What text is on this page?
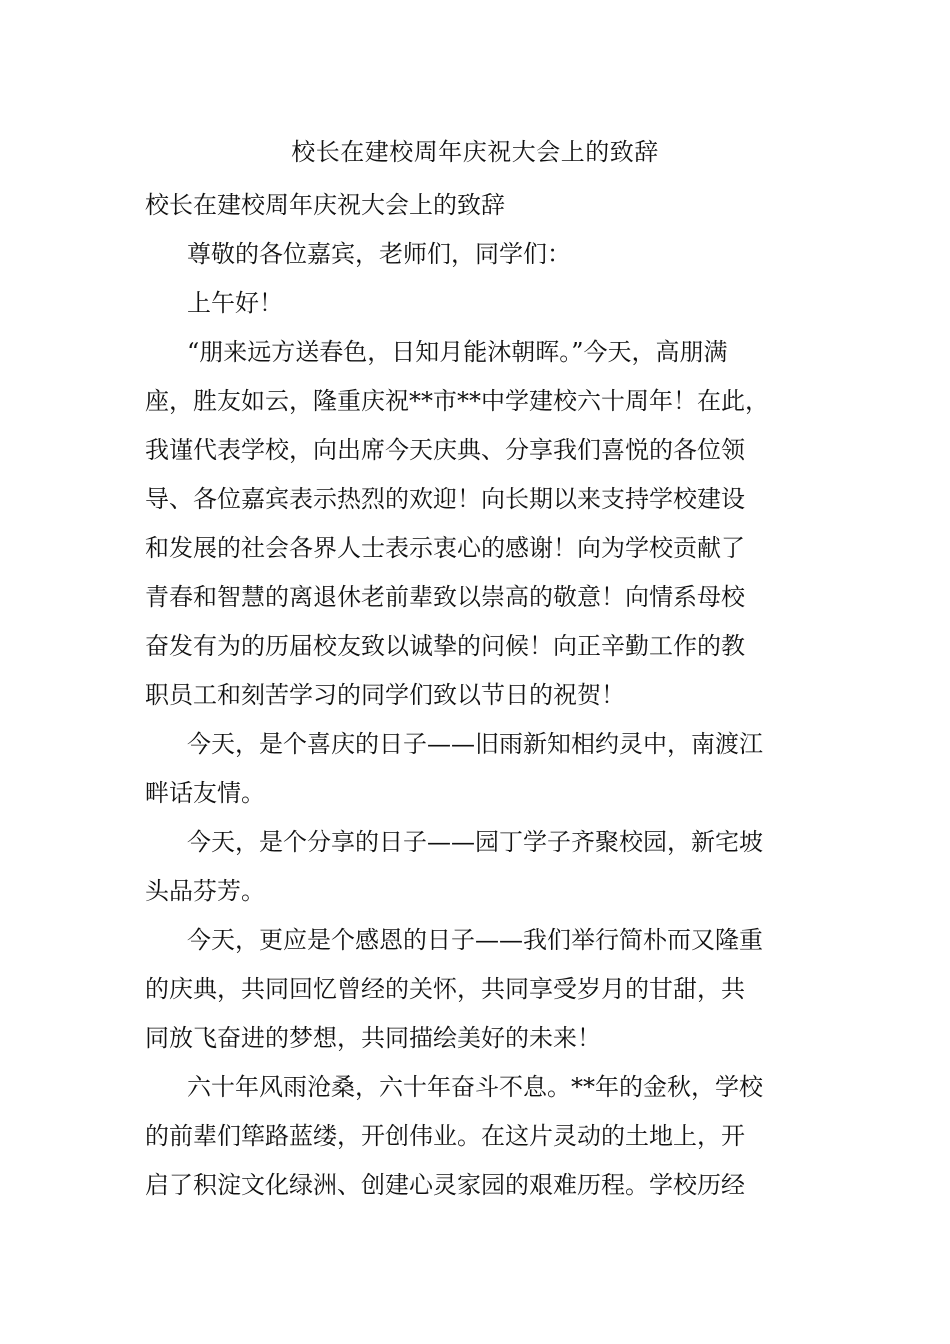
校长在建校周年庆祝大会上的致辞
校长在建校周年庆祝大会上的致辞
尊敬的各位嘉宾，老师们，同学们：
上午好！
“朋来远方送春色，日知月能沐朝晖。”今天，高朋满
座，胜友如云，隆重庆祝**市**中学建校六十周年！在此，
我谨代表学校，向出席今天庆典、分享我们喜悦的各位领
导、各位嘉宾表示热烈的欢迎！向长期以来支持学校建设
和发展的社会各界人士表示衷心的感谢！向为学校贡献了
青春和智慧的离退休老前辈致以崇高的敬意！向情系母校
奋发有为的历届校友致以诚挚的问候！向正辛勤工作的教
职员工和刻苦学习的同学们致以节日的祝贺！
今天，是个喜庆的日子——旧雨新知相约灵中，南渡江
畔话友情。
今天，是个分享的日子——园丁学子齐聚校园，新宅坡
头品芬芳。
今天，更应是个感恩的日子——我们举行简朴而又隆重
的庆典，共同回忆曾经的关怀，共同享受岁月的甘甜，共
同放飞奋进的梦想，共同描绘美好的未来！
六十年风雨沧桑，六十年奋斗不息。**年的金秋，学校
的前辈们筚路蓝缕，开创伟业。在这片灵动的土地上，开
启了积淀文化绿洲、创建心灵家园的艰难历程。学校历经
